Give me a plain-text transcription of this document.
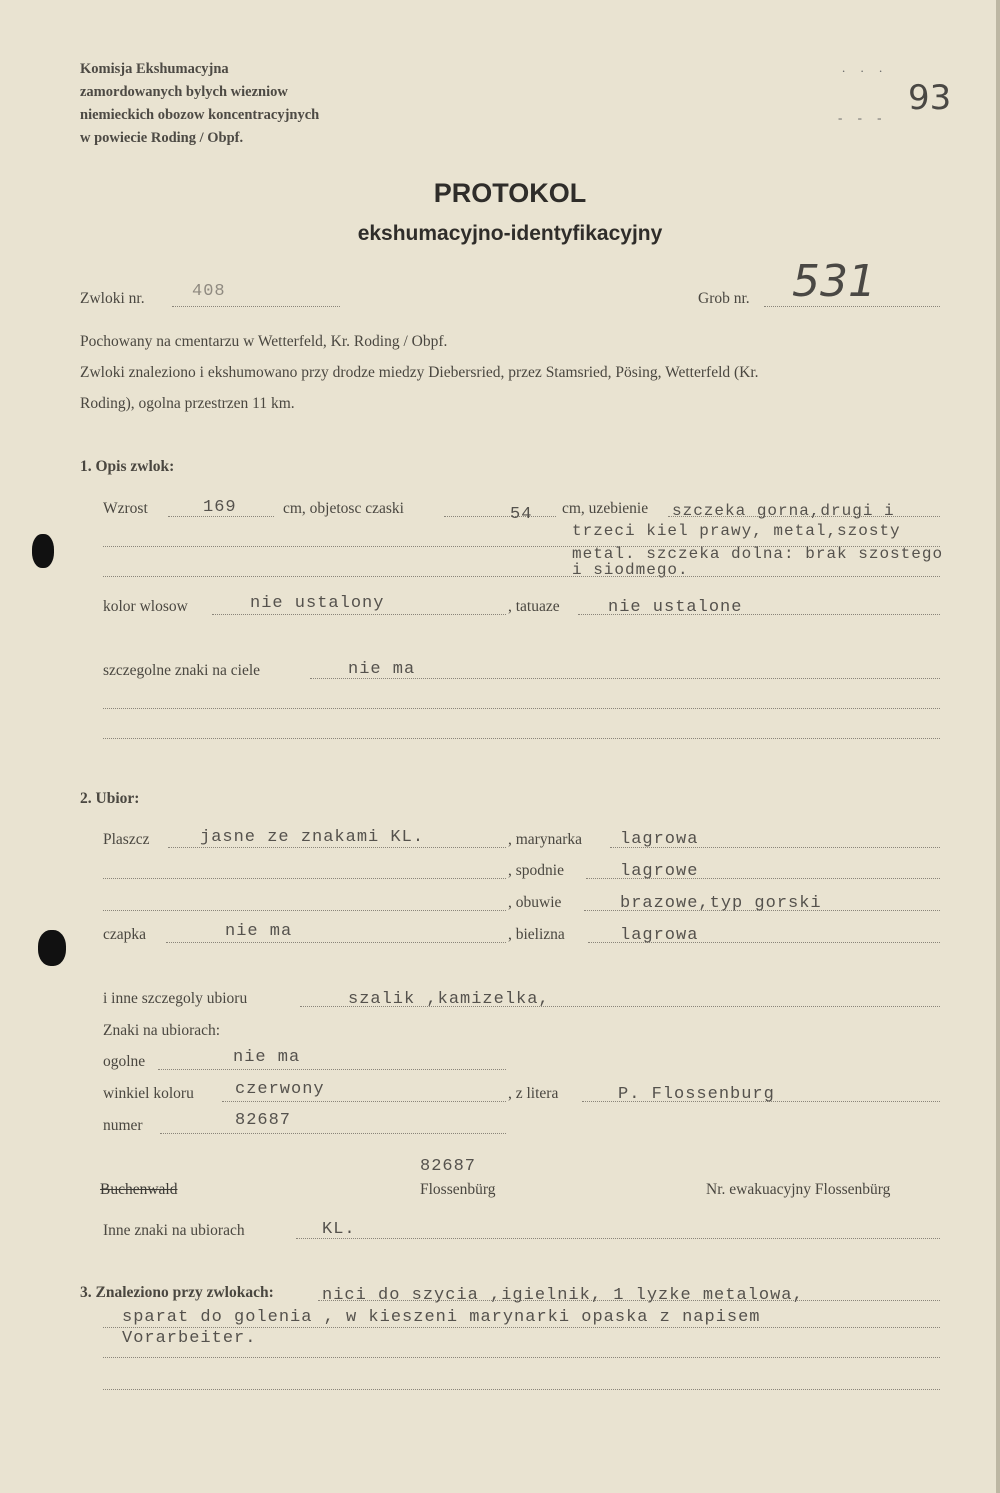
Komisja Ekshumacyjna
zamordowanych bylych wiezniow
niemieckich obozow koncentracyjnych
w powiecie Roding / Obpf.
. . .
- - - 93
PROTOKOL
ekshumacyjno-identyfikacyjny
Zwloki nr.	408	Grob nr. 531
Pochowany na cmentarzu w Wetterfeld, Kr. Roding / Obpf.
Zwloki znaleziono i ekshumowano przy drodze miedzy Diebersried, przez Stamsried, Pösing, Wetterfeld (Kr.
Roding), ogolna przestrzen 11 km.
1. Opis zwlok:
Wzrost	169	cm, objetosc czaski	54 cm, uzebienie szczeka gorna,drugi i
trzeci kiel prawy, metal,szosty
metal. szczeka dolna: brak szostego
i siodmego.
kolor wlosow	nie ustalony	, tatuaze	nie ustalone
szczegolne znaki na ciele	nie ma
2. Ubior:
Plaszcz	jasne ze znakami KL.	, marynarka lagrowa
, spodnie	lagrowe
, obuwie	brazowe,typ gorski
czapka	nie ma	, bielizna	lagrowa
i inne szczegoly ubioru	szalik ,kamizelka,
Znaki na ubiorach:
ogolne	nie ma
winkiel koloru czerwony	, z litera	P. Flossenburg
numer	82687
82687
Buchenwald	Flossenbürg	Nr. ewakuacyjny Flossenbürg
Inne znaki na ubiorach	KL.
3. Znaleziono przy zwlokach:	nici do szycia ,igielnik, 1 lyzke metalowa,
sparat do golenia , w kieszeni marynarki opaska z napisem
Vorarbeiter.
